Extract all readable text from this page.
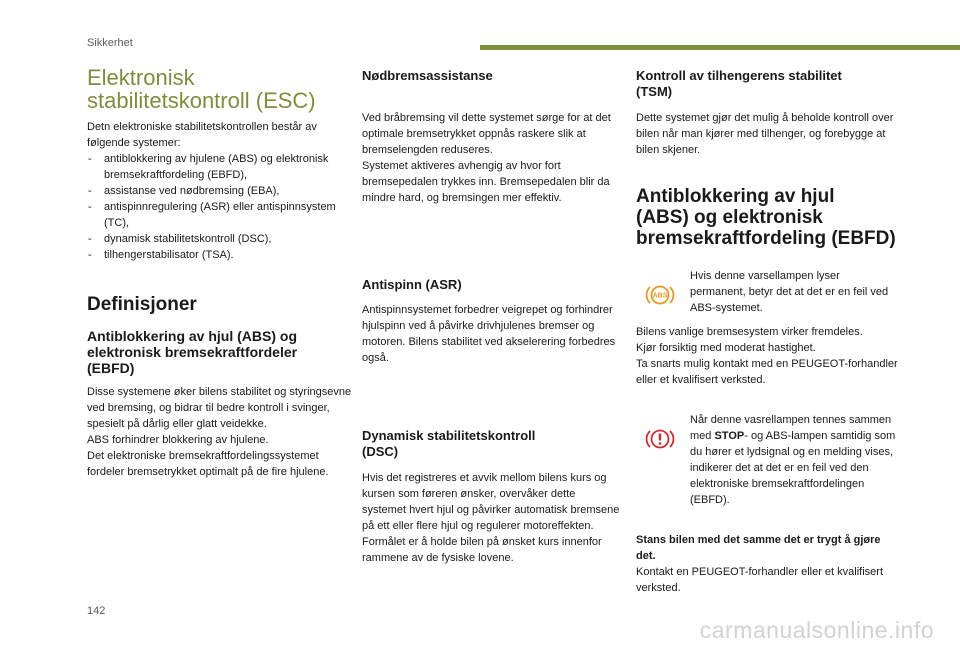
Sikkerhet
Elektronisk
stabilitetskontroll (ESC)

Detn elektroniske stabilitetskontrollen består av følgende systemer:

- antiblokkering av hjulene (ABS) og elektronisk bremsekraftfordeling (EBFD),
- assistanse ved nødbremsing (EBA),
- antispinnregulering (ASR) eller antispinnsystem (TC),
- dynamisk stabilitetskontroll (DSC),
- tilhengerstabilisator (TSA).
Definisjoner
Antiblokkering av hjul (ABS) og
elektronisk bremsekraftfordeler
(EBFD)

Disse systemene øker bilens stabilitet og styringsevne ved bremsing, og bidrar til bedre kontroll i svinger, spesielt på dårlig eller glatt veidekke.
ABS forhindrer blokkering av hjulene.
Det elektroniske bremsekraftfordelingssystemet fordeler bremsetrykket optimalt på de fire hjulene.

Nødbremsassistanse

Ved bråbremsing vil dette systemet sørge for at det optimale bremsetrykket oppnås raskere slik at bremselengden reduseres.
Systemet aktiveres avhengig av hvor fort bremsepedalen trykkes inn. Bremsepedalen blir da mindre hard, og bremsingen mer effektiv.

Antispinn (ASR)

Antispinnsystemet forbedrer veigrepet og forhindrer hjulspinn ved å påvirke drivhjulenes bremser og motoren. Bilens stabilitet ved akselerering forbedres også.

Dynamisk stabilitetskontroll
(DSC)

Hvis det registreres et avvik mellom bilens kurs og kursen som føreren ønsker, overvåker dette systemet hvert hjul og påvirker automatisk bremsene på ett eller flere hjul og regulerer motoreffekten. Formålet er å holde bilen på ønsket kurs innenfor rammene av de fysiske lovene.

Kontroll av tilhengerens stabilitet
(TSM)

Dette systemet gjør det mulig å beholde kontroll over bilen når man kjører med tilhenger, og forebygge at bilen skjener.

Antiblokkering av hjul
(ABS) og elektronisk
bremsekraftfordeling (EBFD)
ABS

Hvis denne varsellampen lyser permanent, betyr det at det er en feil ved ABS-systemet.

Bilens vanlige bremsesystem virker fremdeles.
Kjør forsiktig med moderat hastighet.
Ta snarts mulig kontakt med en PEUGEOT-forhandler eller et kvalifisert verksted.

Når denne vasrellampen tennes sammen med STOP- og ABS-lampen samtidig som du hører et lydsignal og en melding vises, indikerer det at det er en feil ved den elektroniske bremsekraftfordelingen (EBFD).

Stans bilen med det samme det er trygt å gjøre det.

Kontakt en PEUGEOT-forhandler eller et kvalifisert verksted.

142
carmanualsonline.info
